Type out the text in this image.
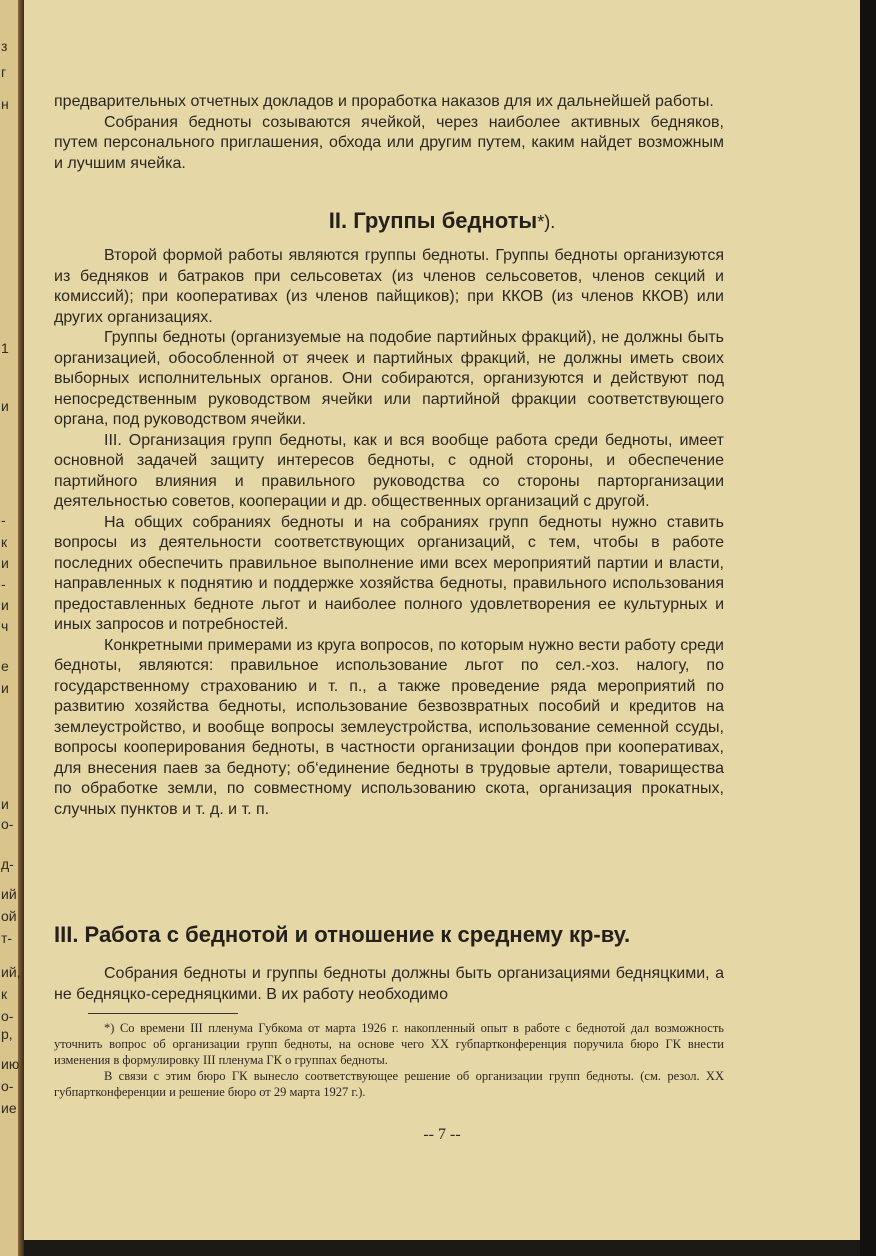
з
г
н
1
и
-
к
и
-
и
ч
е
и
и
о-
д-
ий
ой
т-
ий,
к
о-
р,
ию
о-
ие

предварительных отчетных докладов и проработка наказов для их дальнейшей работы.

Собрания бедноты созываются ячейкой, через наиболее активных бедняков, путем персонального приглашения, обхода или другим путем, каким найдет возможным и лучшим ячейка.

II. Группы бедноты*).

Второй формой работы являются группы бедноты. Группы бедноты организуются из бедняков и батраков при сельсоветах (из членов сельсоветов, членов секций и комиссий); при кооперативах (из членов пайщиков); при ККОВ (из членов ККОВ) или других организациях.

Группы бедноты (организуемые на подобие партийных фракций), не должны быть организацией, обособленной от ячеек и партийных фракций, не должны иметь своих выборных исполнительных органов. Они собираются, организуются и действуют под непосредственным руководством ячейки или партийной фракции соответствующего органа, под руководством ячейки.

III. Организация групп бедноты, как и вся вообще работа среди бедноты, имеет основной задачей защиту интересов бедноты, с одной стороны, и обеспечение партийного влияния и правильного руководства со стороны парторганизации деятельностью советов, кооперации и др. общественных организаций с другой.

На общих собраниях бедноты и на собраниях групп бедноты нужно ставить вопросы из деятельности соответствующих организаций, с тем, чтобы в работе последних обеспечить правильное выполнение ими всех мероприятий партии и власти, направленных к поднятию и поддержке хозяйства бедноты, правильного использования предоставленных бедноте льгот и наиболее полного удовлетворения ее культурных и иных запросов и потребностей.

Конкретными примерами из круга вопросов, по которым нужно вести работу среди бедноты, являются: правильное использование льгот по сел.-хоз. налогу, по государственному страхованию и т. п., а также проведение ряда мероприятий по развитию хозяйства бедноты, использование безвозвратных пособий и кредитов на землеустройство, и вообще вопросы землеустройства, использование семенной ссуды, вопросы кооперирования бедноты, в частности организации фондов при кооперативах, для внесения паев за бедноту; об‘единение бедноты в трудовые артели, товарищества по обработке земли, по совместному использованию скота, организация прокатных, случных пунктов и т. д. и т. п.

III. Работа с беднотой и отношение к среднему кр-ву.

Собрания бедноты и группы бедноты должны быть организациями бедняцкими, а не бедняцко-середняцкими. В их работу необходимо

*) Со времени III пленума Губкома от марта 1926 г. накопленный опыт в работе с беднотой дал возможность уточнить вопрос об организации групп бедноты, на основе чего XX губпартконференция поручила бюро ГК внести изменения в формулировку III пленума ГК о группах бедноты.

В связи с этим бюро ГК вынесло соответствующее решение об организации групп бедноты. (см. резол. XX губпартконференции и решение бюро от 29 марта 1927 г.).

-- 7 --
